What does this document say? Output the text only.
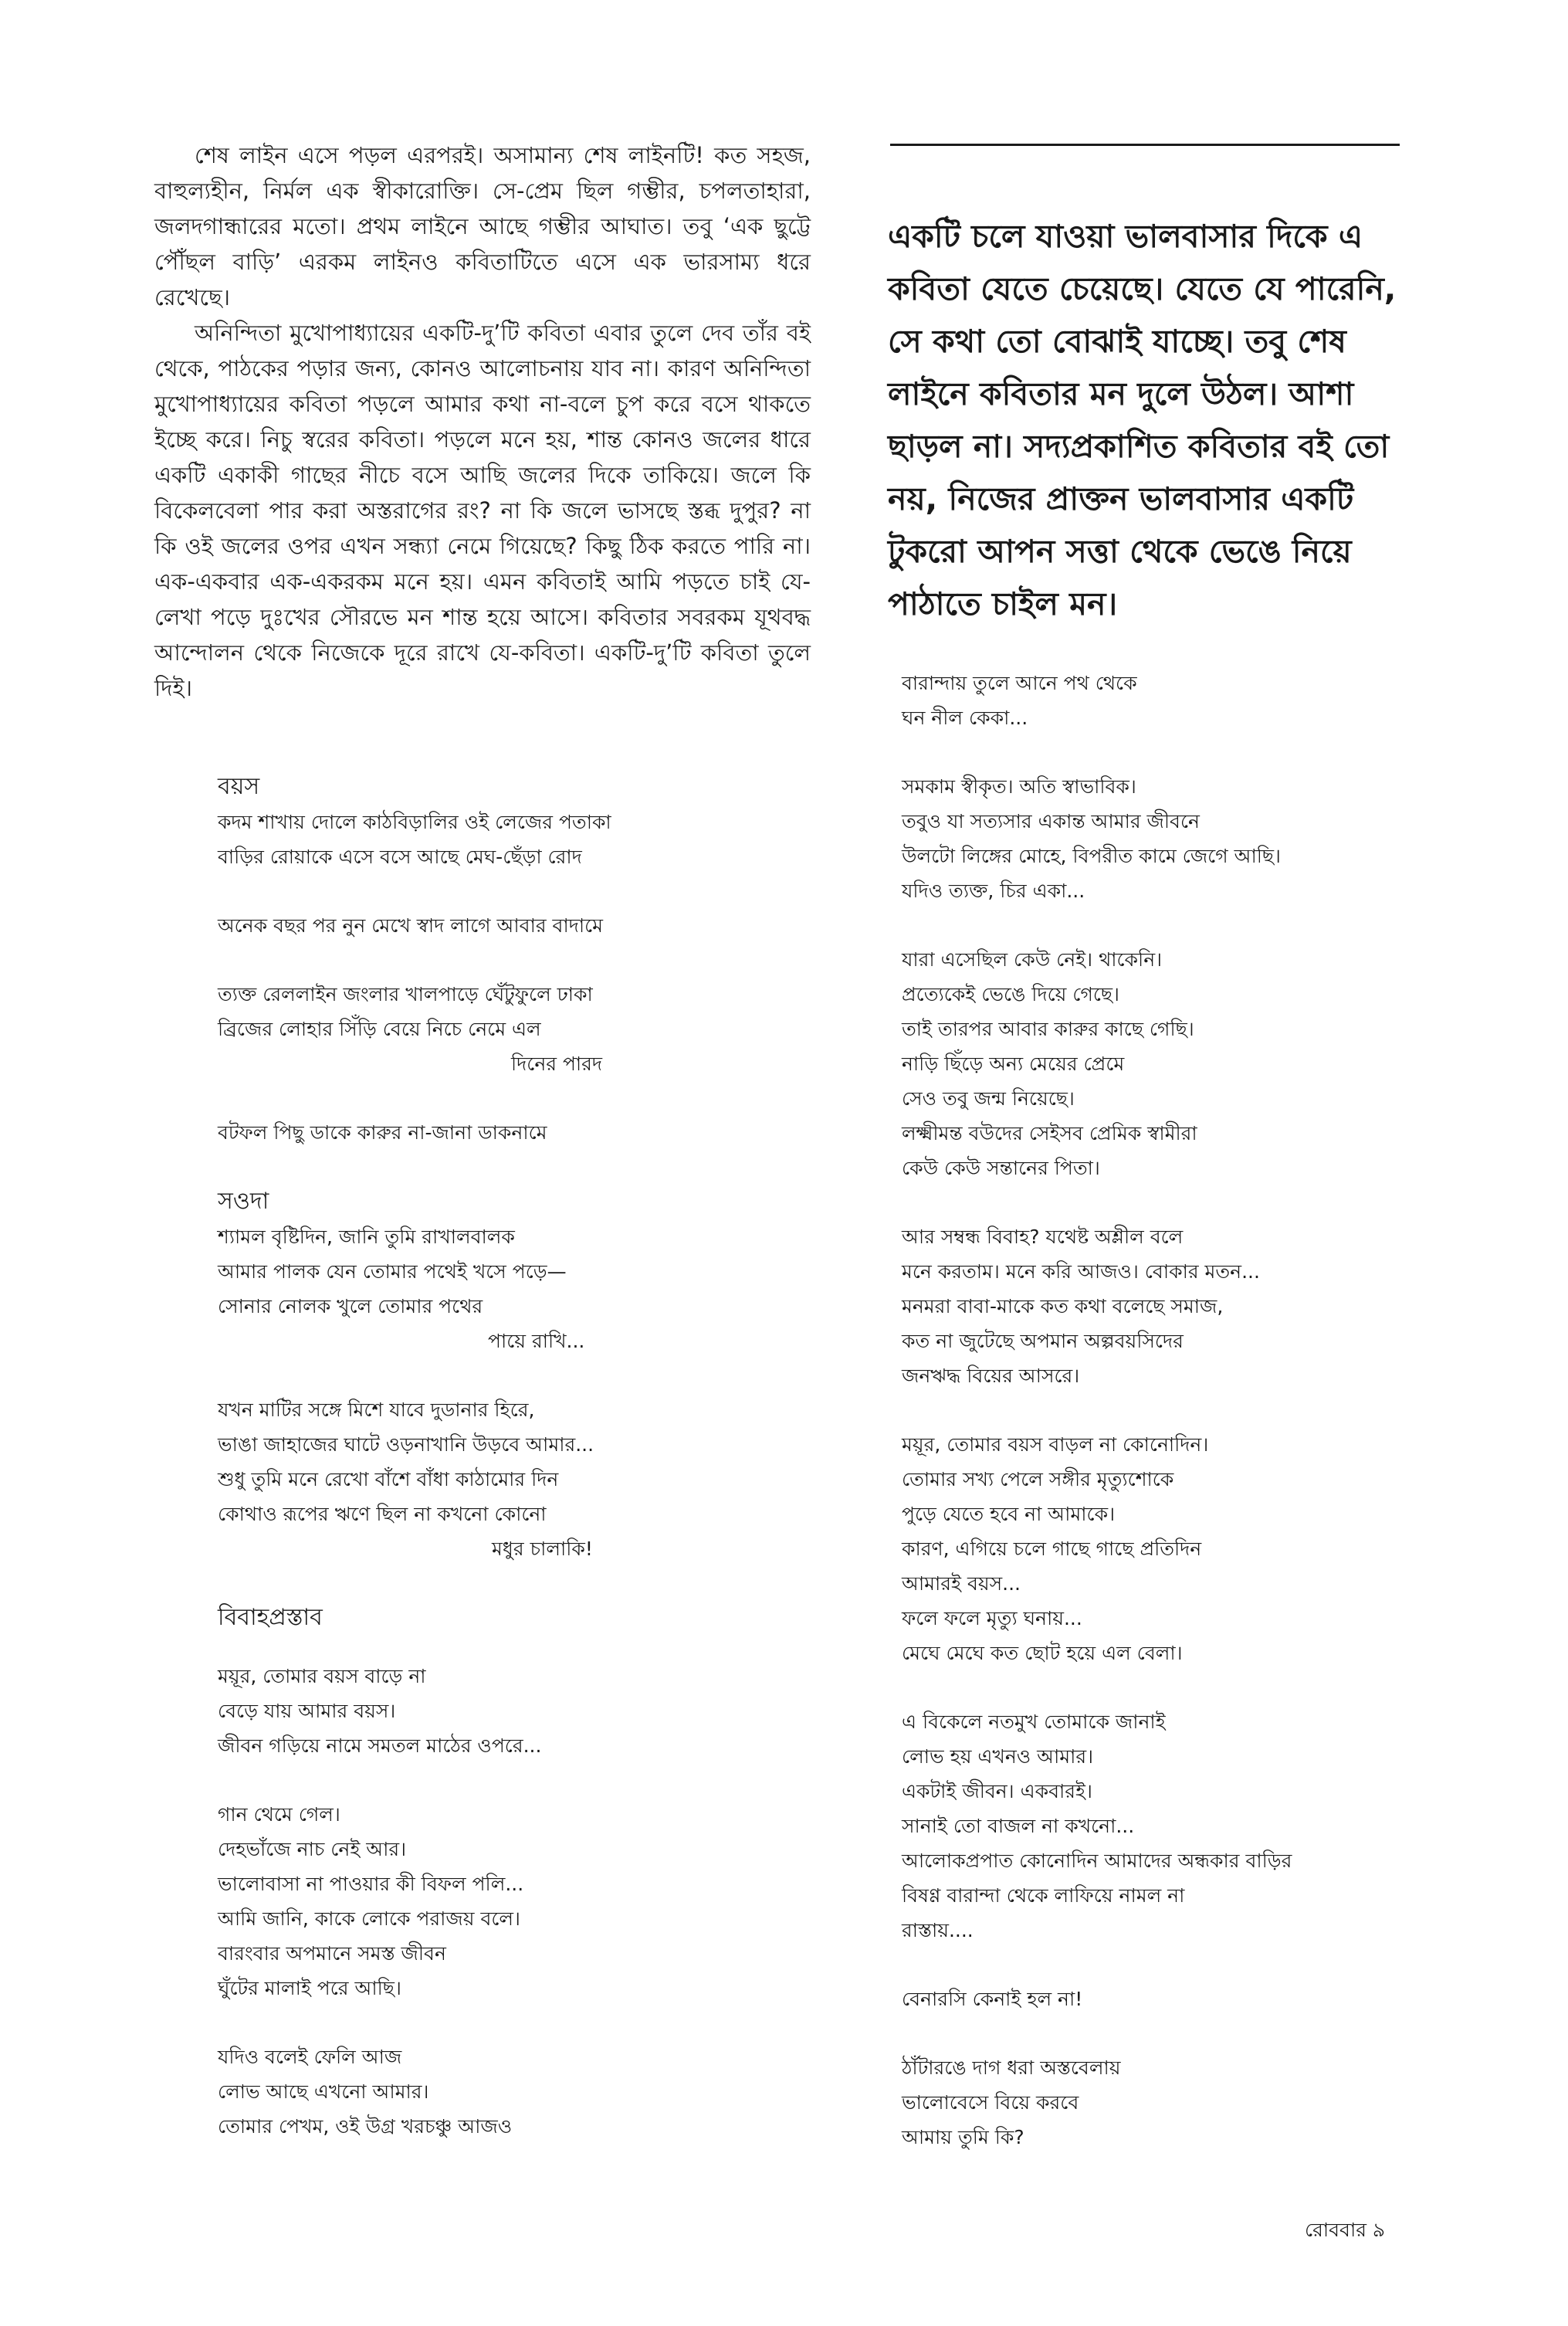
শেষ লাইন এসে পড়ল এরপরই। অসামান্য শেষ লাইনটি! কত সহজ, বাহুল্যহীন, নির্মল এক স্বীকারোক্তি। সে-প্রেম ছিল গম্ভীর, চপলতাহারা, জলদগান্ধারের মতো। প্রথম লাইনে আছে গম্ভীর আঘাত। তবু ‘এক ছুট্টে পৌঁছল বাড়ি’ এরকম লাইনও কবিতাটিতে এসে এক ভারসাম্য ধরে রেখেছে।

অনিন্দিতা মুখোপাধ্যায়ের একটি-দু’টি কবিতা এবার তুলে দেব তাঁর বই থেকে, পাঠকের পড়ার জন্য, কোনও আলোচনায় যাব না। কারণ অনিন্দিতা মুখোপাধ্যায়ের কবিতা পড়লে আমার কথা না-বলে চুপ করে বসে থাকতে ইচ্ছে করে। নিচু স্বরের কবিতা। পড়লে মনে হয়, শান্ত কোনও জলের ধারে একটি একাকী গাছের নীচে বসে আছি জলের দিকে তাকিয়ে। জলে কি বিকেলবেলা পার করা অস্তরাগের রং? না কি জলে ভাসছে স্তব্ধ দুপুর? না কি ওই জলের ওপর এখন সন্ধ্যা নেমে গিয়েছে? কিছু ঠিক করতে পারি না। এক-একবার এক-একরকম মনে হয়। এমন কবিতাই আমি পড়তে চাই যে-লেখা পড়ে দুঃখের সৌরভে মন শান্ত হয়ে আসে। কবিতার সবরকম যূথবদ্ধ আন্দোলন থেকে নিজেকে দূরে রাখে যে-কবিতা। একটি-দু’টি কবিতা তুলে দিই।

বয়স

কদম শাখায় দোলে কাঠবিড়ালির ওই লেজের পতাকা
বাড়ির রোয়াকে এসে বসে আছে মেঘ-ছেঁড়া রোদ
অনেক বছর পর নুন মেখে স্বাদ লাগে আবার বাদামে
ত্যক্ত রেললাইন জংলার খালপাড়ে ঘেঁটুফুলে ঢাকা
ব্রিজের লোহার সিঁড়ি বেয়ে নিচে নেমে এল
দিনের পারদ
বটফল পিছু ডাকে কারুর না-জানা ডাকনামে

সওদা

শ্যামল বৃষ্টিদিন, জানি তুমি রাখালবালক
আমার পালক যেন তোমার পথেই খসে পড়ে—
সোনার নোলক খুলে তোমার পথের
পায়ে রাখি...
যখন মাটির সঙ্গে মিশে যাবে দুডানার হিরে,
ভাঙা জাহাজের ঘাটে ওড়নাখানি উড়বে আমার...
শুধু তুমি মনে রেখো বাঁশে বাঁধা কাঠামোর দিন
কোথাও রূপের ঋণে ছিল না কখনো কোনো
মধুর চালাকি!

বিবাহপ্রস্তাব

ময়ূর, তোমার বয়স বাড়ে না
বেড়ে যায় আমার বয়স।
জীবন গড়িয়ে নামে সমতল মাঠের ওপরে...
গান থেমে গেল।
দেহভাঁজে নাচ নেই আর।
ভালোবাসা না পাওয়ার কী বিফল পলি...
আমি জানি, কাকে লোকে পরাজয় বলে।
বারংবার অপমানে সমস্ত জীবন
ঘুঁটের মালাই পরে আছি।
যদিও বলেই ফেলি আজ
লোভ আছে এখনো আমার।
তোমার পেখম, ওই উগ্র খরচঞ্চু আজও

একটি চলে যাওয়া ভালবাসার দিকে এ কবিতা যেতে চেয়েছে। যেতে যে পারেনি, সে কথা তো বোঝাই যাচ্ছে। তবু শেষ লাইনে কবিতার মন দুলে উঠল। আশা ছাড়ল না। সদ্যপ্রকাশিত কবিতার বই তো নয়, নিজের প্রাক্তন ভালবাসার একটি টুকরো আপন সত্তা থেকে ভেঙে নিয়ে পাঠাতে চাইল মন।

বারান্দায় তুলে আনে পথ থেকে
ঘন নীল কেকা...
সমকাম স্বীকৃত। অতি স্বাভাবিক।
তবুও যা সত্যসার একান্ত আমার জীবনে
উলটো লিঙ্গের মোহে, বিপরীত কামে জেগে আছি।
যদিও ত্যক্ত, চির একা...
যারা এসেছিল কেউ নেই। থাকেনি।
প্রত্যেকেই ভেঙে দিয়ে গেছে।
তাই তারপর আবার কারুর কাছে গেছি।
নাড়ি ছিঁড়ে অন্য মেয়ের প্রেমে
সেও তবু জন্ম নিয়েছে।
লক্ষ্মীমন্ত বউদের সেইসব প্রেমিক স্বামীরা
কেউ কেউ সন্তানের পিতা।
আর সম্বন্ধ বিবাহ? যথেষ্ট অশ্লীল বলে
মনে করতাম। মনে করি আজও। বোকার মতন...
মনমরা বাবা-মাকে কত কথা বলেছে সমাজ,
কত না জুটেছে অপমান অল্পবয়সিদের
জনঋদ্ধ বিয়ের আসরে।
ময়ূর, তোমার বয়স বাড়ল না কোনোদিন।
তোমার সখ্য পেলে সঙ্গীর মৃত্যুশোকে
পুড়ে যেতে হবে না আমাকে।
কারণ, এগিয়ে চলে গাছে গাছে প্রতিদিন
আমারই বয়স...
ফলে ফলে মৃত্যু ঘনায়...
মেঘে মেঘে কত ছোট হয়ে এল বেলা।
এ বিকেলে নতমুখ তোমাকে জানাই
লোভ হয় এখনও আমার।
একটাই জীবন। একবারই।
সানাই তো বাজল না কখনো...
আলোকপ্রপাত কোনোদিন আমাদের অন্ধকার বাড়ির
বিষণ্ণ বারান্দা থেকে লাফিয়ে নামল না
রাস্তায়....
বেনারসি কেনাই হল না!
ঠাঁটারঙে দাগ ধরা অস্তবেলায়
ভালোবেসে বিয়ে করবে
আমায় তুমি কি?
রোববার ৯
